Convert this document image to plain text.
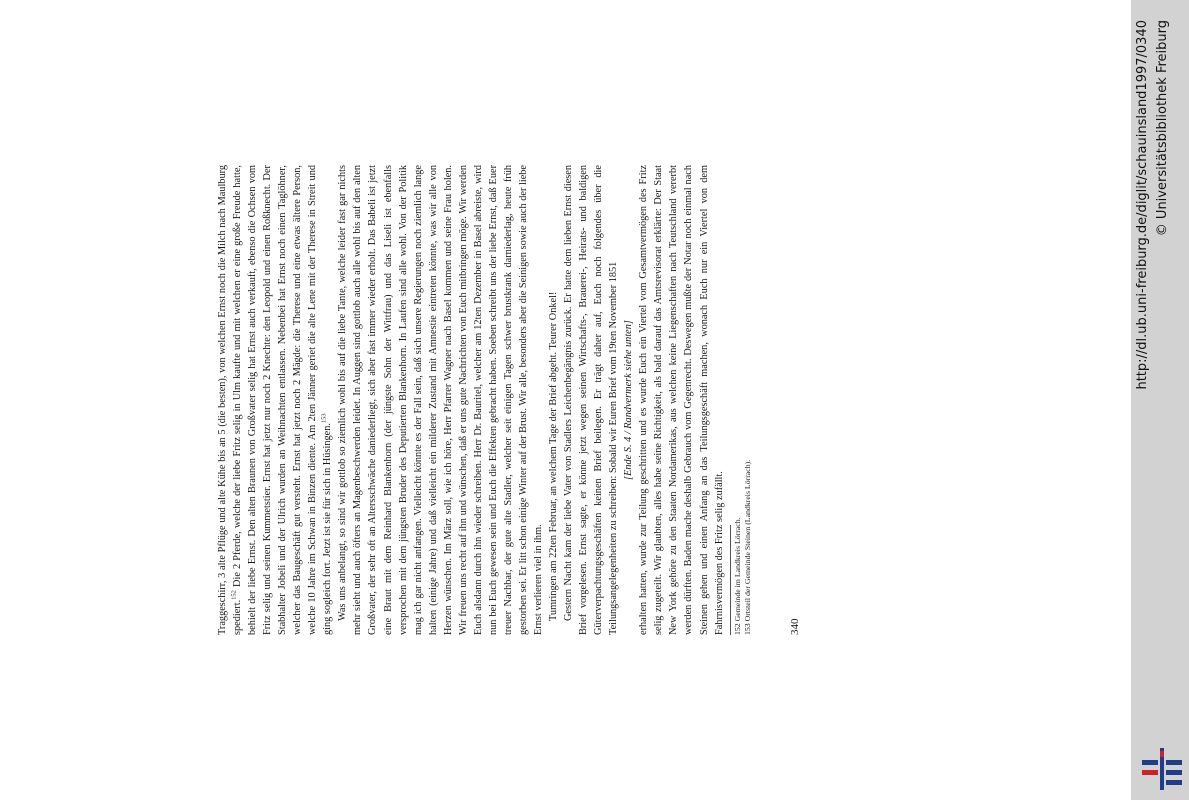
Traggeschirr, 3 alte Pflüge und alte Kühe bis an 5 (die besten), von welchen Ernst noch die Milch nach Maulburg spediert.$^{152}$ Die 2 Pferde, welche der liebe Fritz selig in Ulm kaufte und mit welchen er eine große Freude hatte, behielt der liebe Ernst. Den alten Braunen von Großvater selig hat Ernst auch verkauft, ebenso die Ochsen vom Fritz selig und seinen Kummetstier. Ernst hat jetzt nur noch 2 Knechte: den Leopold und einen Roßknecht. Der Stabhalter Jobeli und der Ulrich wurden an Weihnachten entlassen. Nebenbei hat Ernst noch einen Taglöhner, welcher das Baugeschäft gut versteht. Ernst hat jetzt noch 2 Mägde: die Therese und eine etwas ältere Person, welche 10 Jahre im Schwan in Binzen diente. Am 2ten Jänner geriet die alte Lene mit der Therese in Streit und ging sogleich fort. Jetzt ist sie für sich in Hüsingen.$^{153}$ Was uns anbelangt, so sind wir gottlob so ziemlich wohl bis auf die liebe Tante, welche leider fast gar nichts mehr sieht und auch öfters an Magenbeschwerden leidet. In Auggen sind gottlob auch alle wohl bis auf den alten Großvater, der sehr oft an Altersschwäche daniederliegt, sich aber fast immer wieder erholt. Das Babeli ist jetzt eine Braut mit dem Reinhard Blankenhorn (der jüngste Sohn der Wittfrau) und das Liseli ist ebenfalls versprochen mit dem jüngsten Bruder des Deputierten Blankenhorn. In Laufen sind alle wohl. Von der Politik mag ich gar nicht anfangen. Vielleicht könnte es der Fall sein, daß sich unsere Regierungen noch ziemlich lange halten (einige Jahre) und daß vielleicht ein milderer Zustand mit Amnestie eintreten könnte, was wir alle von Herzen wünschen. Im März soll, wie ich höre, Herr Pfarrer Wagner nach Basel kommen und seine Frau holen. Wir freuen uns recht auf ihn und wünschen, daß er uns gute Nachrichten von Euch mitbringen möge. Wir werden Euch alsdann durch ihn wieder schreiben. Herr Dr. Bauritel, welcher am 12ten Dezember in Basel abreiste, wird nun bei Euch gewesen sein und Euch die Effekten gebracht haben. Soeben schreibt uns der liebe Ernst, daß Euer treuer Nachbar, der gute alte Stadler, welcher seit einigen Tagen schwer brustkrank darniederlag, heute früh gestorben sei. Er litt schon einige Winter auf der Brust. Wir alle, besonders aber die Seinigen sowie auch der liebe Ernst verlieren viel in ihm. Tumringen am 22ten Februar, an welchem Tage der Brief abgeht. Teurer Onkel! Gestern Nacht kam der liebe Vater von Stadlers Leichenbegängnis zurück. Er hatte dem lieben Ernst diesen Brief vorgelesen. Ernst sagte, er könne jetzt wegen seinen Wirtschafts-, Brauerei-, Heirats- und baldigen Güterverpachtungsgeschäften keinen Brief beilegen. Er trägt daher auf, Euch noch folgendes über die Teilungsangelegenheiten zu schreiben: Sobald wir Euren Brief vom 19ten November 1851 [Ende S. 4 / Randvermerk siehe unten] erhalten hatten, wurde zur Teilung geschritten und es wurde Euch ein Viertel vom Gesamtvermögen des Fritz selig zugeteilt. Wir glaubten, alles habe seine Richtigkeit, als bald darauf das Amtsrevisorat erklärte: Der Staat New York gehöre zu den Staaten Nordamerikas, aus welchen keine Liegenschaften nach Teutschland vererbt werden dürften. Baden mache deshalb Gebrauch vom Gegenrecht. Deswegen mußte der Notar noch einmal nach Steinen gehen und einen Anfang an das Teilungsgeschäft machen, wonach Euch nur ein Viertel von dem Fahrnisvermögen des Fritz selig zufällt. 152 Gemeinde im Landkreis Lörrach. 153 Ortsteil der Gemeinde Steinen (Landkreis Lörrach).	340
http://dl.ub.uni-freiburg.de/diglit/schauinsland1997/0340 © Universitätsbibliothek Freiburg
